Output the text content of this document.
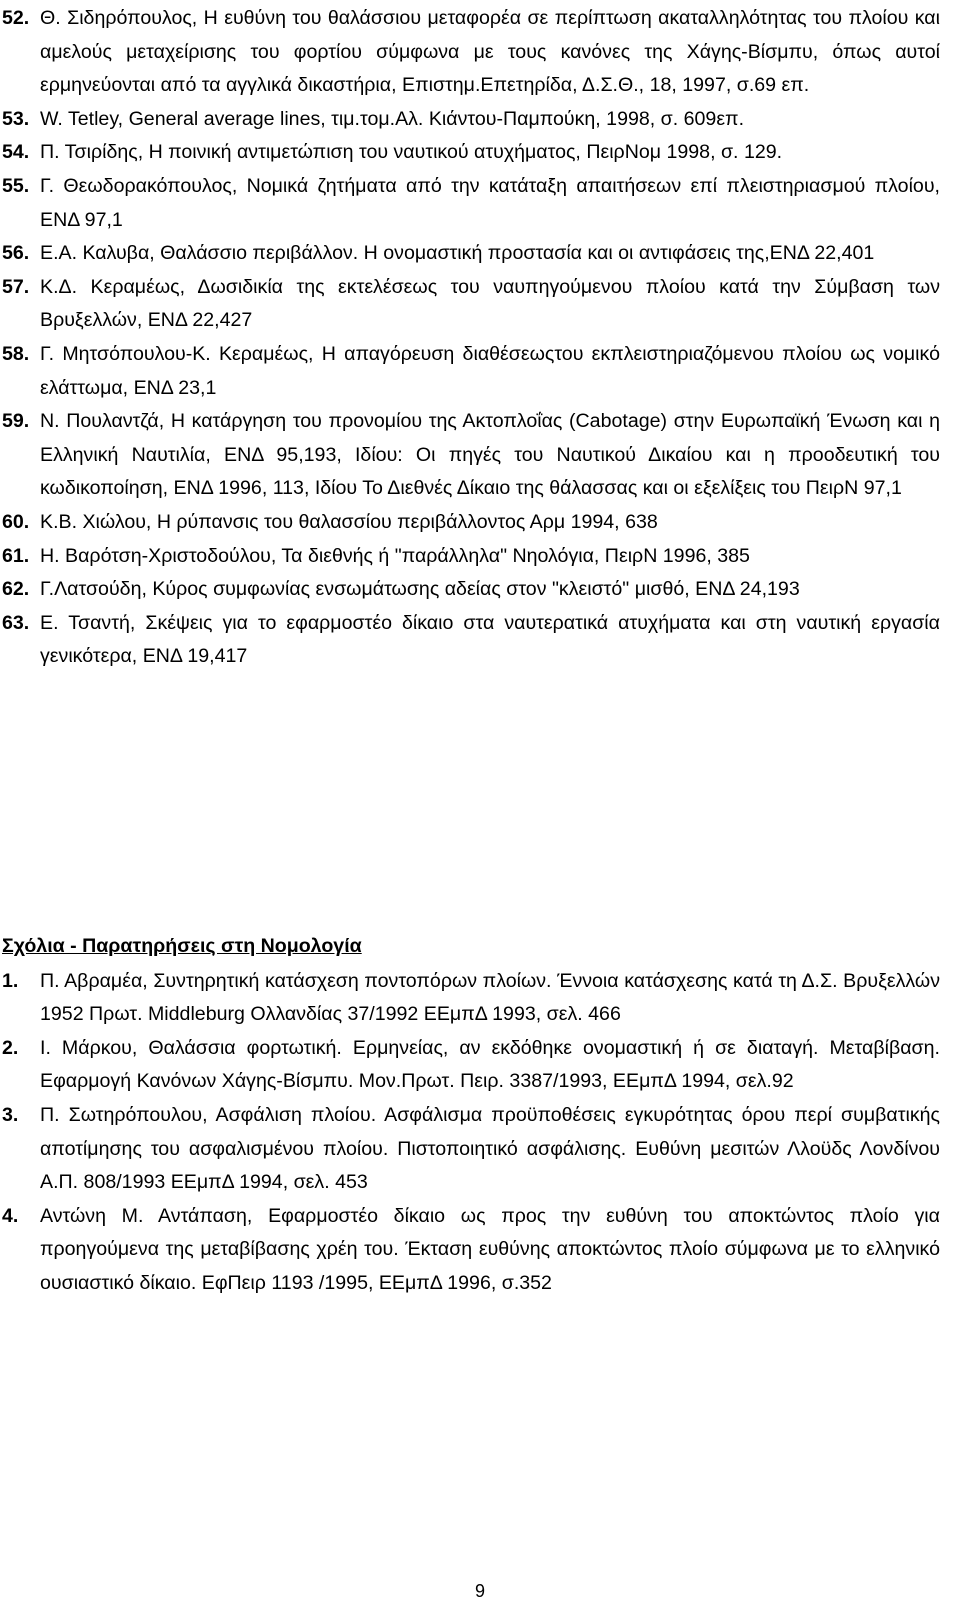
52. Θ. Σιδηρόπουλος, Η ευθύνη του θαλάσσιου μεταφορέα σε περίπτωση ακαταλληλότητας του πλοίου και αμελούς μεταχείρισης του φορτίου σύμφωνα με τους κανόνες της Χάγης-Βίσμπυ, όπως αυτοί ερμηνεύονται από τα αγγλικά δικαστήρια, Επιστημ.Επετηρίδα, Δ.Σ.Θ., 18, 1997, σ.69 επ.
53. W. Tetley, General average lines, τιμ.τομ.Αλ. Κιάντου-Παμπούκη, 1998, σ. 609επ.
54. Π. Τσιρίδης, Η ποινική αντιμετώπιση του ναυτικού ατυχήματος, ΠειρΝομ 1998, σ. 129.
55. Γ. Θεωδορακόπουλος, Νομικά ζητήματα από την κατάταξη απαιτήσεων επί πλειστηριασμού πλοίου, ΕΝΔ 97,1
56. Ε.Α. Καλυβα, Θαλάσσιο περιβάλλον. Η ονομαστική προστασία και οι αντιφάσεις της,ΕΝΔ 22,401
57. Κ.Δ. Κεραμέως, Δωσιδικία της εκτελέσεως του ναυπηγούμενου πλοίου κατά την Σύμβαση των Βρυξελλών, ΕΝΔ 22,427
58. Γ. Μητσόπουλου-Κ. Κεραμέως, Η απαγόρευση διαθέσεωςτου εκπλειστηριαζόμενου πλοίου ως νομικό ελάττωμα, ΕΝΔ 23,1
59. Ν. Πουλαντζά, Η κατάργηση του προνομίου της Ακτοπλοΐας (Cabotage) στην Ευρωπαϊκή Ένωση και η Ελληνική Ναυτιλία, ΕΝΔ 95,193, Ιδίου: Οι πηγές του Ναυτικού Δικαίου και η προοδευτική του κωδικοποίηση, ΕΝΔ 1996, 113, Ιδίου Το Διεθνές Δίκαιο της θάλασσας και οι εξελίξεις του ΠειρΝ 97,1
60. Κ.Β. Χιώλου, Η ρύπανσις του θαλασσίου περιβάλλοντος Αρμ 1994, 638
61. Η. Βαρότση-Χριστοδούλου, Τα διεθνής ή "παράλληλα" Νηολόγια, ΠειρΝ 1996, 385
62. Γ.Λατσούδη, Κύρος συμφωνίας ενσωμάτωσης αδείας στον "κλειστό" μισθό, ΕΝΔ 24,193
63. Ε. Τσαντή, Σκέψεις για το εφαρμοστέο δίκαιο στα ναυτερατικά ατυχήματα και στη ναυτική εργασία γενικότερα, ΕΝΔ 19,417
Σχόλια - Παρατηρήσεις στη Νομολογία
1.	Π. Αβραμέα, Συντηρητική κατάσχεση ποντοπόρων πλοίων. Έννοια κατάσχεσης κατά τη Δ.Σ. Βρυξελλών 1952 Πρωτ. Middleburg Ολλανδίας 37/1992 ΕΕμπΔ 1993, σελ. 466
2.	Ι. Μάρκου, Θαλάσσια φορτωτική. Ερμηνείας, αν εκδόθηκε ονομαστική ή σε διαταγή. Μεταβίβαση. Εφαρμογή Κανόνων Χάγης-Βίσμπυ. Μον.Πρωτ. Πειρ. 3387/1993, ΕΕμπΔ 1994, σελ.92
3.	Π. Σωτηρόπουλου, Ασφάλιση πλοίου. Ασφάλισμα προϋποθέσεις εγκυρότητας όρου περί συμβατικής αποτίμησης του ασφαλισμένου πλοίου. Πιστοποιητικό ασφάλισης. Ευθύνη μεσιτών Λλοϋδς Λονδίνου Α.Π. 808/1993 ΕΕμπΔ 1994, σελ. 453
4.	Αντώνη Μ. Αντάπαση, Εφαρμοστέο δίκαιο ως προς την ευθύνη του αποκτώντος πλοίο για προηγούμενα της μεταβίβασης χρέη του. Έκταση ευθύνης αποκτώντος πλοίο σύμφωνα με το ελληνικό ουσιαστικό δίκαιο. ΕφΠειρ 1193 /1995, ΕΕμπΔ 1996, σ.352
9
